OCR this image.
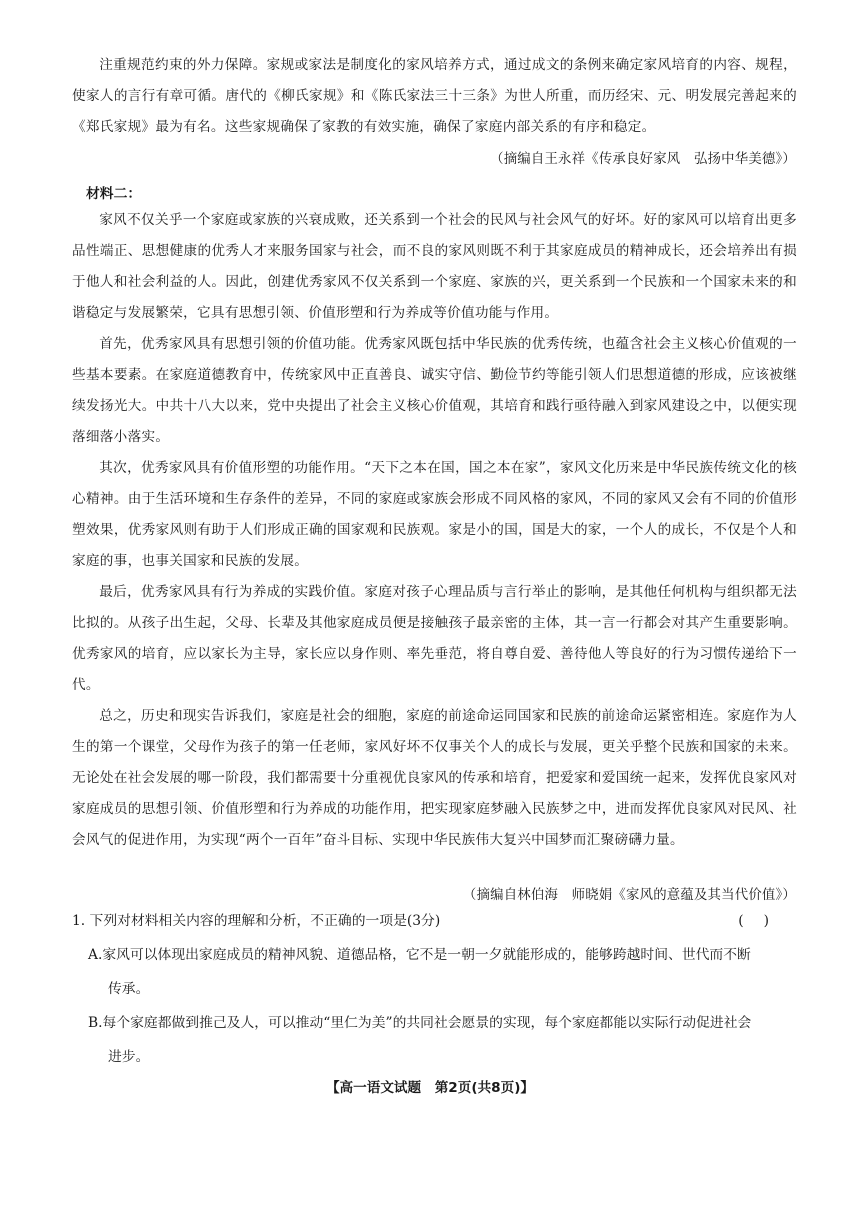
注重规范约束的外力保障。家规或家法是制度化的家风培养方式，通过成文的条例来确定家风培育的内容、规程，使家人的言行有章可循。唐代的《柳氏家规》和《陈氏家法三十三条》为世人所重，而历经宋、元、明发展完善起来的《郑氏家规》最为有名。这些家规确保了家教的有效实施，确保了家庭内部关系的有序和稳定。

（摘编自王永祥《传承良好家风　弘扬中华美德》）
材料二：

家风不仅关乎一个家庭或家族的兴衰成败，还关系到一个社会的民风与社会风气的好坏。好的家风可以培育出更多品性端正、思想健康的优秀人才来服务国家与社会，而不良的家风则既不利于其家庭成员的精神成长，还会培养出有损于他人和社会利益的人。因此，创建优秀家风不仅关系到一个家庭、家族的兴，更关系到一个民族和一个国家未来的和谐稳定与发展繁荣，它具有思想引领、价值形塑和行为养成等价值功能与作用。

首先，优秀家风具有思想引领的价值功能。优秀家风既包括中华民族的优秀传统，也蕴含社会主义核心价值观的一些基本要素。在家庭道德教育中，传统家风中正直善良、诚实守信、勤俭节约等能引领人们思想道德的形成，应该被继续发扬光大。中共十八大以来，党中央提出了社会主义核心价值观，其培育和践行亟待融入到家风建设之中，以便实现落细落小落实。

其次，优秀家风具有价值形塑的功能作用。“天下之本在国，国之本在家”，家风文化历来是中华民族传统文化的核心精神。由于生活环境和生存条件的差异，不同的家庭或家族会形成不同风格的家风，不同的家风又会有不同的价值形塑效果，优秀家风则有助于人们形成正确的国家观和民族观。家是小的国，国是大的家，一个人的成长，不仅是个人和家庭的事，也事关国家和民族的发展。

最后，优秀家风具有行为养成的实践价值。家庭对孩子心理品质与言行举止的影响，是其他任何机构与组织都无法比拟的。从孩子出生起，父母、长辈及其他家庭成员便是接触孩子最亲密的主体，其一言一行都会对其产生重要影响。优秀家风的培育，应以家长为主导，家长应以身作则、率先垂范，将自尊自爱、善待他人等良好的行为习惯传递给下一代。

总之，历史和现实告诉我们，家庭是社会的细胞，家庭的前途命运同国家和民族的前途命运紧密相连。家庭作为人生的第一个课堂，父母作为孩子的第一任老师，家风好坏不仅事关个人的成长与发展，更关乎整个民族和国家的未来。无论处在社会发展的哪一阶段，我们都需要十分重视优良家风的传承和培育，把爱家和爱国统一起来，发挥优良家风对家庭成员的思想引领、价值形塑和行为养成的功能作用，把实现家庭梦融入民族梦之中，进而发挥优良家风对民风、社会风气的促进作用，为实现“两个一百年”奋斗目标、实现中华民族伟大复兴中国梦而汇聚磅礴力量。

（摘编自林伯海　师晓娟《家风的意蕴及其当代价值》）
1. 下列对材料相关内容的理解和分析，不正确的一项是(3分)	()
A.家风可以体现出家庭成员的精神风貌、道德品格，它不是一朝一夕就能形成的，能够跨越时间、世代而不断
传承。
B.每个家庭都做到推己及人，可以推动“里仁为美”的共同社会愿景的实现，每个家庭都能以实际行动促进社会
进步。
【高一语文试题　第2页(共8页)】
